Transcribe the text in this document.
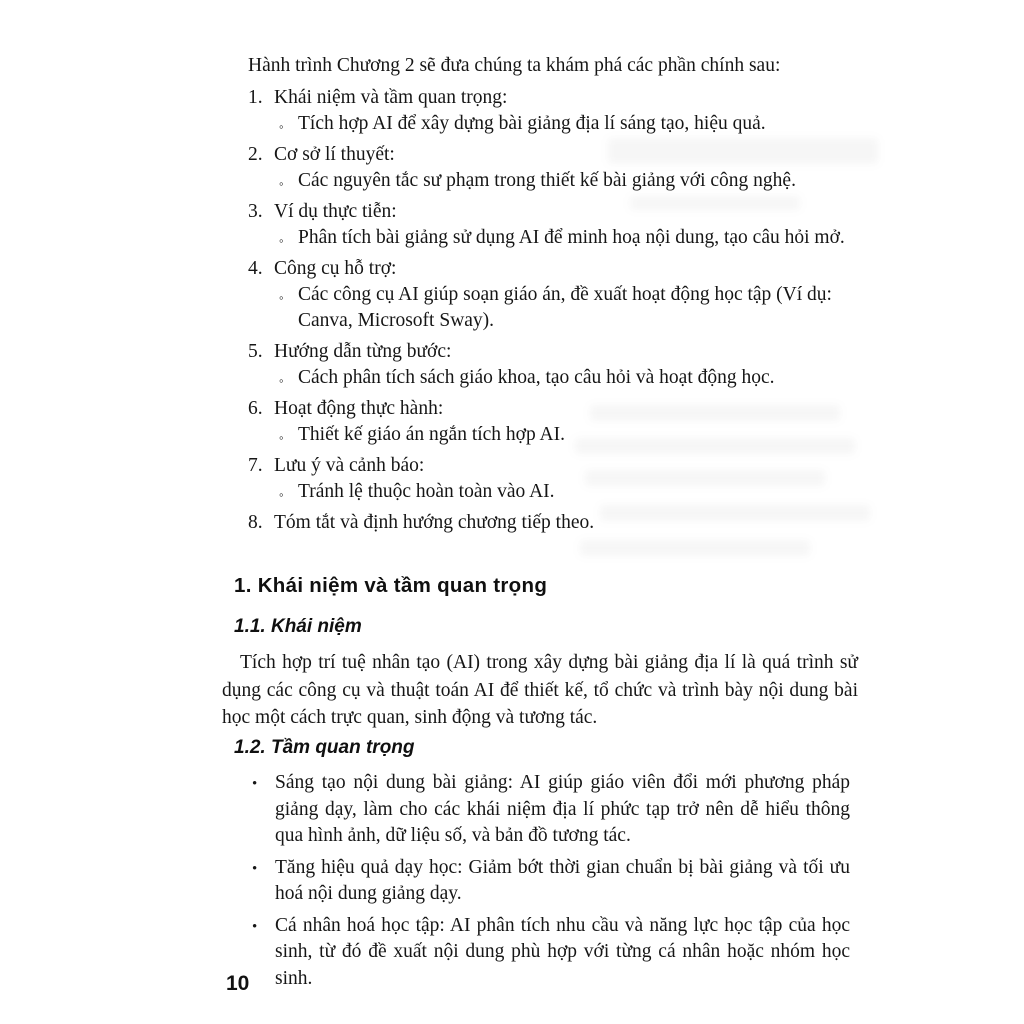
Hành trình Chương 2 sẽ đưa chúng ta khám phá các phần chính sau:
1. Khái niệm và tầm quan trọng:
◦ Tích hợp AI để xây dựng bài giảng địa lí sáng tạo, hiệu quả.
2. Cơ sở lí thuyết:
◦ Các nguyên tắc sư phạm trong thiết kế bài giảng với công nghệ.
3. Ví dụ thực tiễn:
◦ Phân tích bài giảng sử dụng AI để minh hoạ nội dung, tạo câu hỏi mở.
4. Công cụ hỗ trợ:
◦ Các công cụ AI giúp soạn giáo án, đề xuất hoạt động học tập (Ví dụ: Canva, Microsoft Sway).
5. Hướng dẫn từng bước:
◦ Cách phân tích sách giáo khoa, tạo câu hỏi và hoạt động học.
6. Hoạt động thực hành:
◦ Thiết kế giáo án ngắn tích hợp AI.
7. Lưu ý và cảnh báo:
◦ Tránh lệ thuộc hoàn toàn vào AI.
8. Tóm tắt và định hướng chương tiếp theo.
1. Khái niệm và tầm quan trọng
1.1. Khái niệm
Tích hợp trí tuệ nhân tạo (AI) trong xây dựng bài giảng địa lí là quá trình sử dụng các công cụ và thuật toán AI để thiết kế, tổ chức và trình bày nội dung bài học một cách trực quan, sinh động và tương tác.
1.2. Tầm quan trọng
• Sáng tạo nội dung bài giảng: AI giúp giáo viên đổi mới phương pháp giảng dạy, làm cho các khái niệm địa lí phức tạp trở nên dễ hiểu thông qua hình ảnh, dữ liệu số, và bản đồ tương tác.
• Tăng hiệu quả dạy học: Giảm bớt thời gian chuẩn bị bài giảng và tối ưu hoá nội dung giảng dạy.
• Cá nhân hoá học tập: AI phân tích nhu cầu và năng lực học tập của học sinh, từ đó đề xuất nội dung phù hợp với từng cá nhân hoặc nhóm học sinh.
10
